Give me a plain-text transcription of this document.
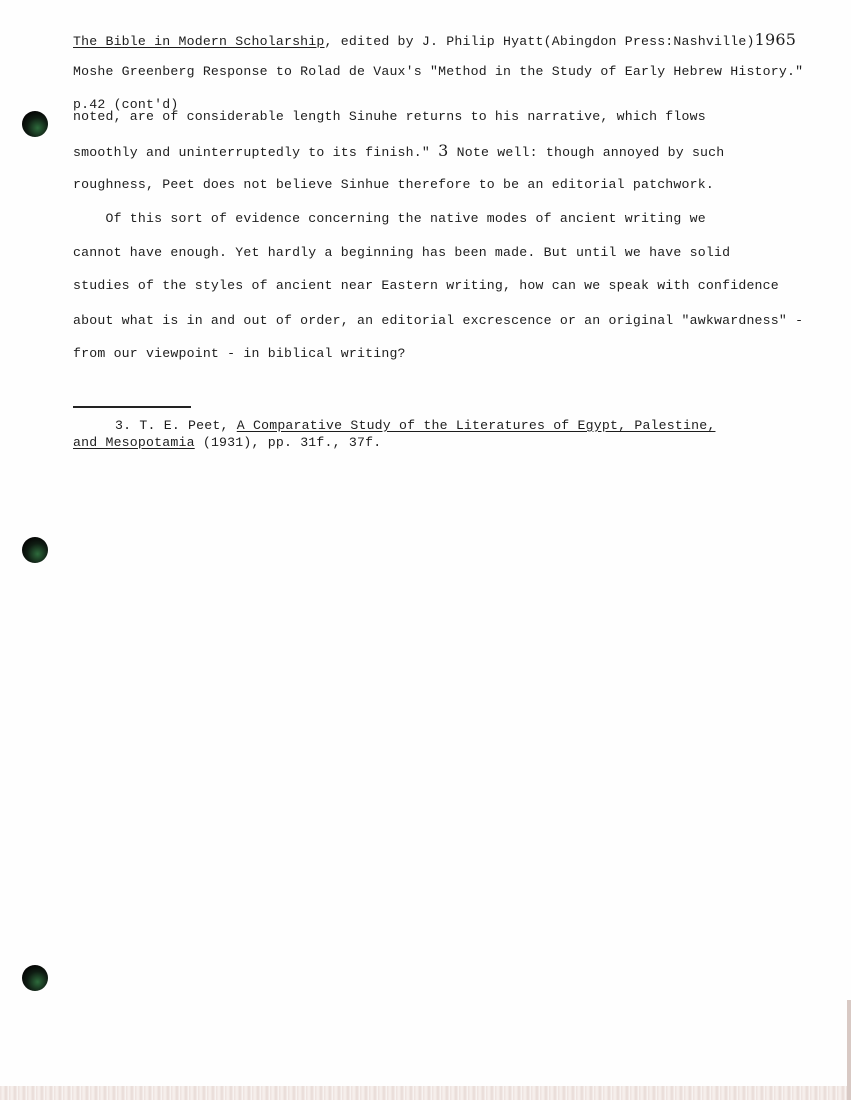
The Bible in Modern Scholarship, edited by J. Philip Hyatt(Abingdon Press:Nashville)1965
Moshe Greenberg Response to Rolad de Vaux's "Method in the Study of Early Hebrew History."
p.42 (cont'd)
noted, are of considerable length Sinuhe returns to his narrative, which flows
smoothly and uninterruptedly to its finish." 3 Note well: though annoyed by such
roughness, Peet does not believe Sinhue therefore to be an editorial patchwork.
Of this sort of evidence concerning the native modes of ancient writing we
cannot have enough. Yet hardly a beginning has been made. But until we have solid
studies of the styles of ancient near Eastern writing, how can we speak with confidence
about what is in and out of order, an editorial excrescence or an original "awkwardness" -
from our viewpoint - in biblical writing?
3. T. E. Peet, A Comparative Study of the Literatures of Egypt, Palestine,
and Mesopotamia (1931), pp. 31f., 37f.
